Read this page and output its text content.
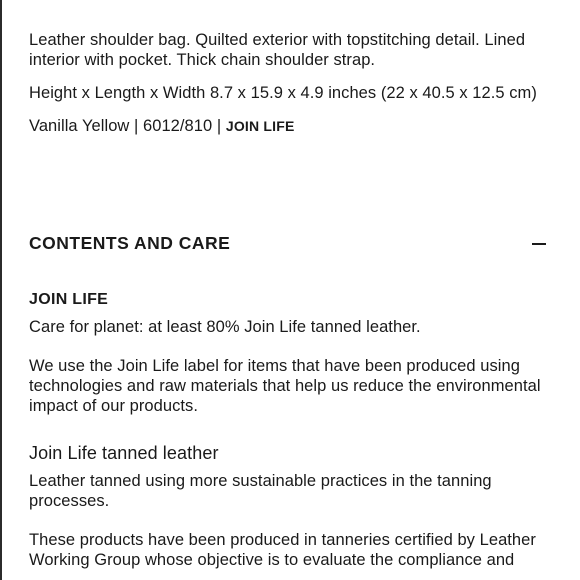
Leather shoulder bag. Quilted exterior with topstitching detail. Lined interior with pocket. Thick chain shoulder strap.

Height x Length x Width 8.7 x 15.9 x 4.9 inches (22 x 40.5 x 12.5 cm)

Vanilla Yellow | 6012/810 | JOIN LIFE

CONTENTS AND CARE
JOIN LIFE

Care for planet: at least 80% Join Life tanned leather.

We use the Join Life label for items that have been produced using technologies and raw materials that help us reduce the environmental impact of our products.

Join Life tanned leather

Leather tanned using more sustainable practices in the tanning processes.

These products have been produced in tanneries certified by Leather Working Group whose objective is to evaluate the compliance and
